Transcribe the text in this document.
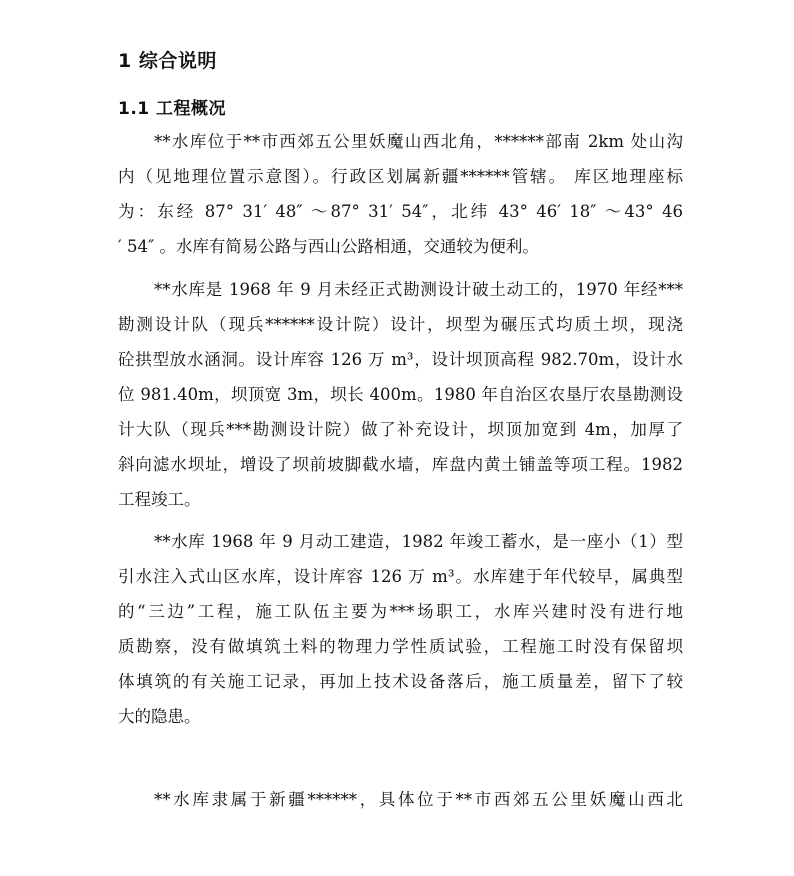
1 综合说明
1.1 工程概况
**水库位于**市西郊五公里妖魔山西北角，******部南 2km 处山沟
内（见地理位置示意图）。行政区划属新疆******管辖。 库区地理座标
为：东经 87° 31′ 48″ ～87° 31′ 54″，北纬 43° 46′ 18″ ～43° 46
′ 54″ 。水库有简易公路与西山公路相通，交通较为便利。
**水库是 1968 年 9 月未经正式勘测设计破土动工的，1970 年经***
勘测设计队（现兵******设计院）设计，坝型为碾压式均质土坝，现浇
砼拱型放水涵洞。设计库容 126 万 m³，设计坝顶高程 982.70m，设计水
位 981.40m，坝顶宽 3m，坝长 400m。1980 年自治区农垦厅农垦勘测设
计大队（现兵***勘测设计院）做了补充设计，坝顶加宽到 4m，加厚了
斜向滤水坝址，增设了坝前坡脚截水墙，库盘内黄土铺盖等项工程。1982
工程竣工。
**水库 1968 年 9 月动工建造，1982 年竣工蓄水，是一座小（1）型
引水注入式山区水库，设计库容 126 万 m³。水库建于年代较早，属典型
的“三边”工程，施工队伍主要为***场职工，水库兴建时没有进行地
质勘察，没有做填筑土料的物理力学性质试验，工程施工时没有保留坝
体填筑的有关施工记录，再加上技术设备落后，施工质量差，留下了较
大的隐患。
**水库隶属于新疆******，具体位于**市西郊五公里妖魔山西北
